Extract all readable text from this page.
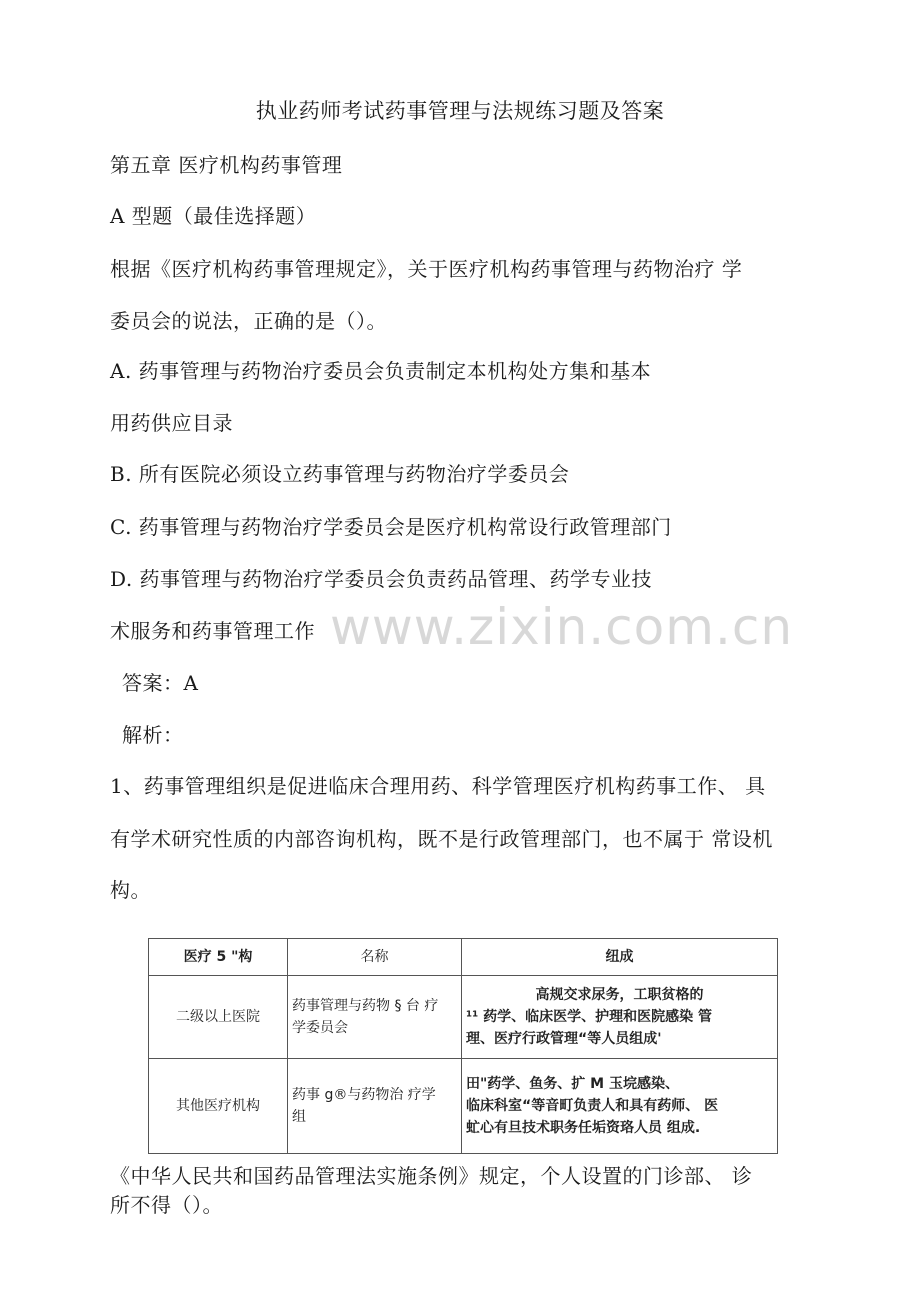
执业药师考试药事管理与法规练习题及答案
第五章 医疗机构药事管理
A 型题（最佳选择题）
根据《医疗机构药事管理规定》，关于医疗机构药事管理与药物治疗 学
委员会的说法，正确的是（）。
A. 药事管理与药物治疗委员会负责制定本机构处方集和基本
用药供应目录
B. 所有医院必须设立药事管理与药物治疗学委员会
C. 药事管理与药物治疗学委员会是医疗机构常设行政管理部门
D. 药事管理与药物治疗学委员会负责药品管理、药学专业技
术服务和药事管理工作 www.zixin.com.cn
答案：A
解析：
1、药事管理组织是促进临床合理用药、科学管理医疗机构药事工作、 具
有学术研究性质的内部咨询机构，既不是行政管理部门，也不属于 常设机
构。
医疗 5 "构	名称	纽成
二级以上医院	药事管理与药物 § 台 疗
学委员会	高规交求尿务，工职贫格的
¹¹ 药学、临床医学、护理和医院感染 管
理、医疗行政管理“等人员组成'

其他医疗机构	药事 g®与药物治 疗学
组	田"药学、鱼务、扩 M 玉垸感染、
临床科室“等音町负责人和具有药师、 医
虻心有旦技术职务任垢资珞人员 组成.
《中华人民共和国药品管理法实施条例》规定，个人设置的门诊部、 诊
所不得（）。
